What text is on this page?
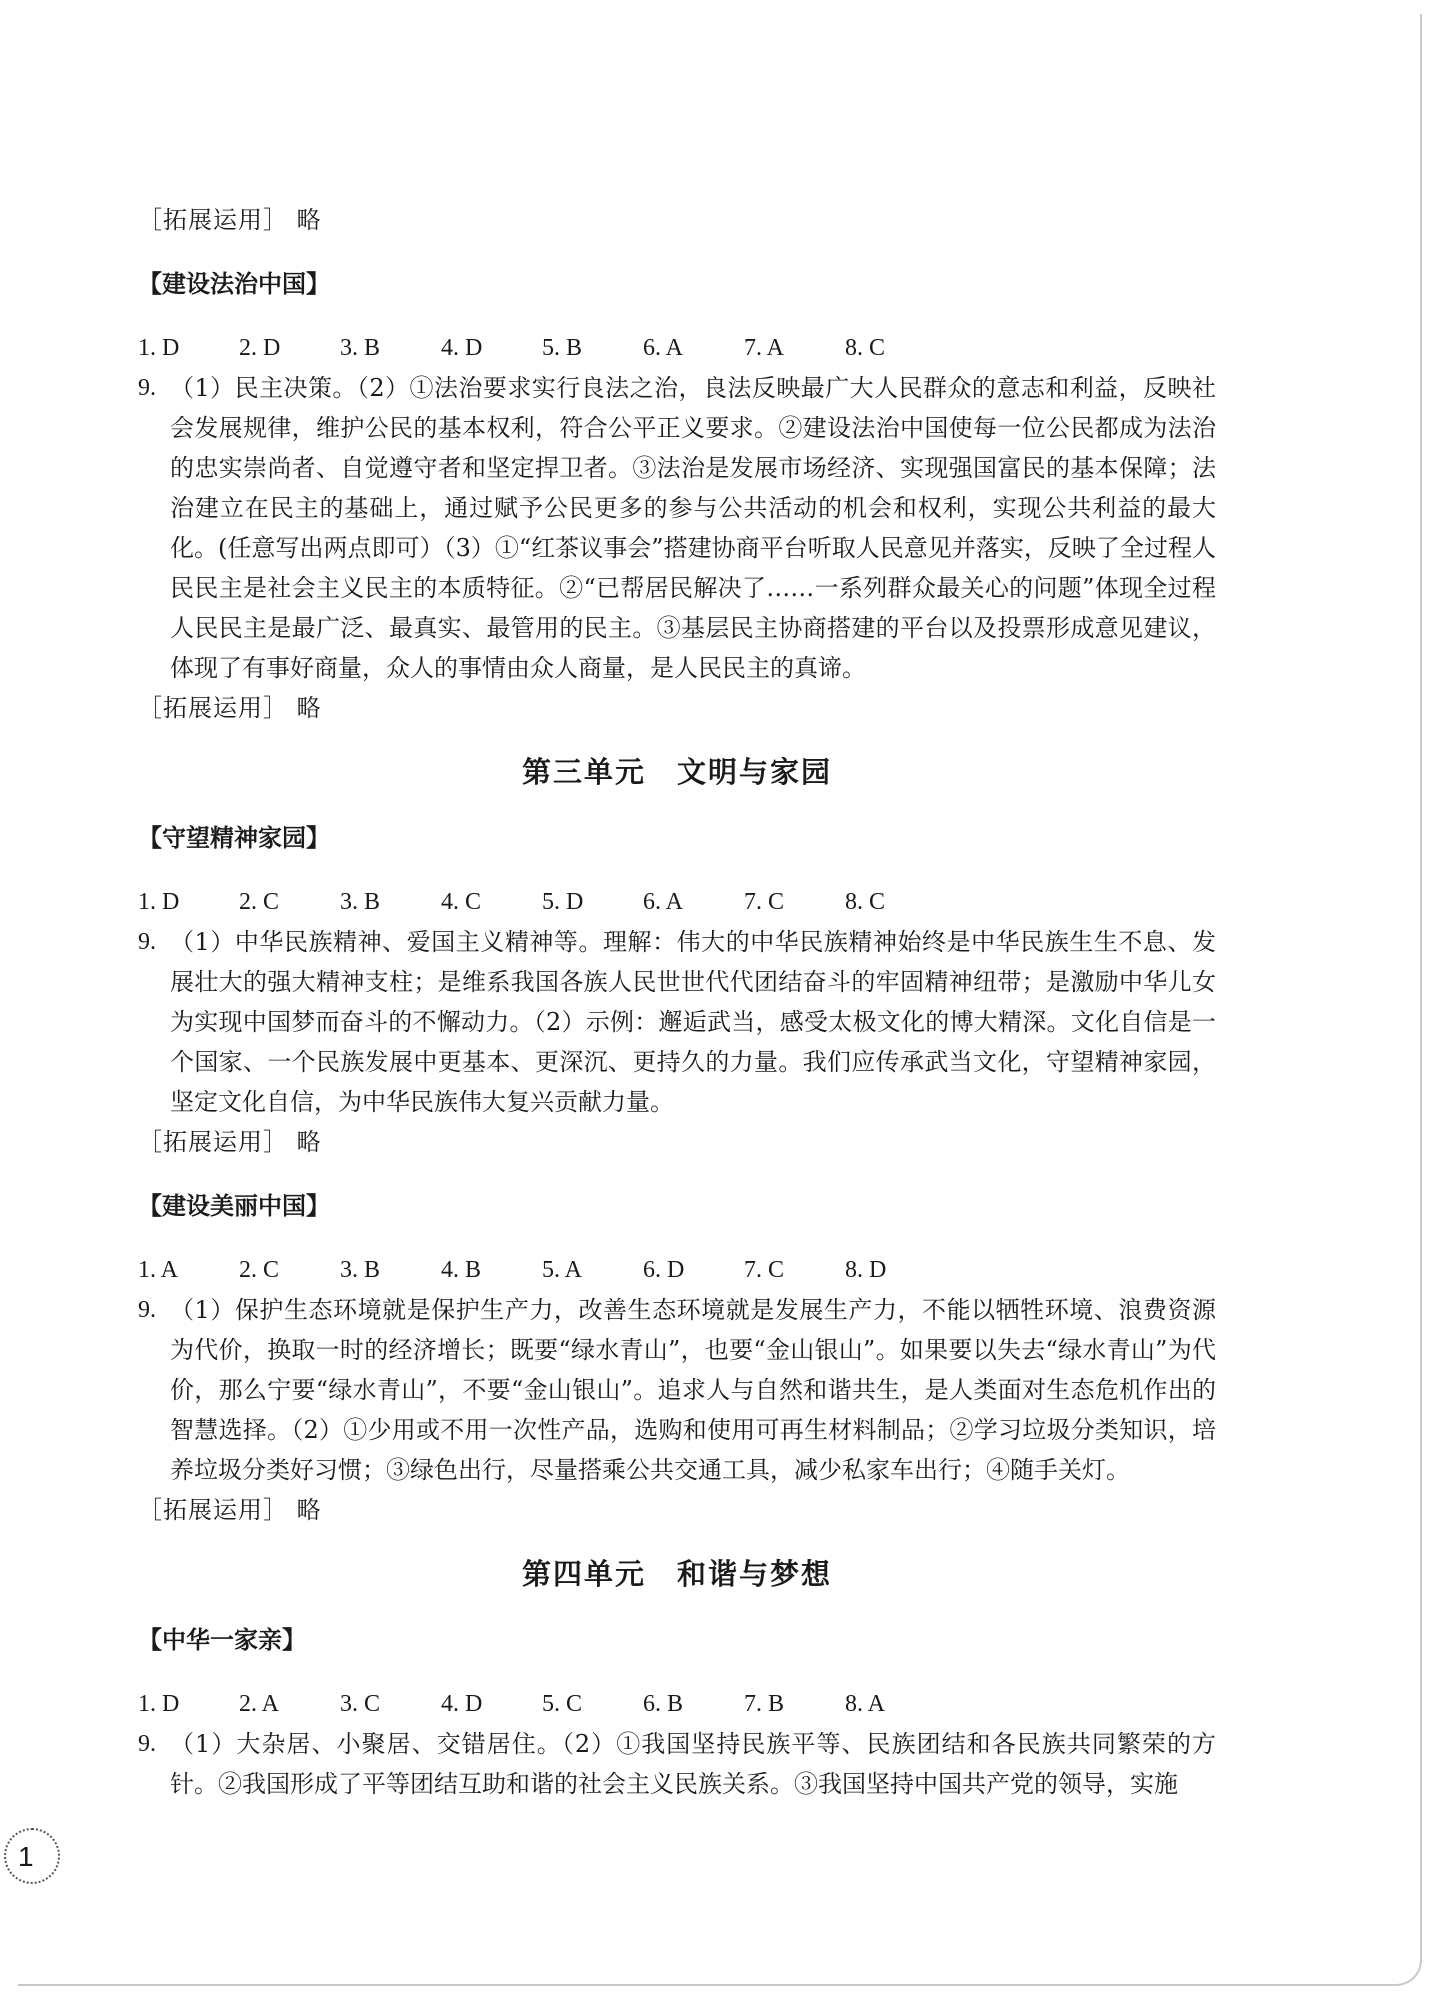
［拓展运用］ 略

【建设法治中国】

1. D	2. D	3. B	4. D	5. B	6. A	7. A	8. C
9. （1）民主决策。（2）①法治要求实行良法之治，良法反映最广大人民群众的意志和利益，反映社会发展规律，维护公民的基本权利，符合公平正义要求。②建设法治中国使每一位公民都成为法治的忠实崇尚者、自觉遵守者和坚定捍卫者。③法治是发展市场经济、实现强国富民的基本保障；法治建立在民主的基础上，通过赋予公民更多的参与公共活动的机会和权利，实现公共利益的最大化。(任意写出两点即可）（3）①“红茶议事会”搭建协商平台听取人民意见并落实，反映了全过程人民民主是社会主义民主的本质特征。②“已帮居民解决了……一系列群众最关心的问题”体现全过程人民民主是最广泛、最真实、最管用的民主。③基层民主协商搭建的平台以及投票形成意见建议，体现了有事好商量，众人的事情由众人商量，是人民民主的真谛。

［拓展运用］ 略

第三单元　文明与家园

【守望精神家园】

1. D	2. C	3. B	4. C	5. D	6. A	7. C	8. C
9. （1）中华民族精神、爱国主义精神等。理解：伟大的中华民族精神始终是中华民族生生不息、发展壮大的强大精神支柱；是维系我国各族人民世世代代团结奋斗的牢固精神纽带；是激励中华儿女为实现中国梦而奋斗的不懈动力。（2）示例：邂逅武当，感受太极文化的博大精深。文化自信是一个国家、一个民族发展中更基本、更深沉、更持久的力量。我们应传承武当文化，守望精神家园，坚定文化自信，为中华民族伟大复兴贡献力量。

［拓展运用］ 略

【建设美丽中国】

1. A	2. C	3. B	4. B	5. A	6. D	7. C	8. D
9. （1）保护生态环境就是保护生产力，改善生态环境就是发展生产力，不能以牺牲环境、浪费资源为代价，换取一时的经济增长；既要“绿水青山”，也要“金山银山”。如果要以失去“绿水青山”为代价，那么宁要“绿水青山”，不要“金山银山”。追求人与自然和谐共生，是人类面对生态危机作出的智慧选择。（2）①少用或不用一次性产品，选购和使用可再生材料制品；②学习垃圾分类知识，培养垃圾分类好习惯；③绿色出行，尽量搭乘公共交通工具，减少私家车出行；④随手关灯。

［拓展运用］ 略

第四单元　和谐与梦想

【中华一家亲】

1. D	2. A	3. C	4. D	5. C	6. B	7. B	8. A
9. （1）大杂居、小聚居、交错居住。（2）①我国坚持民族平等、民族团结和各民族共同繁荣的方针。②我国形成了平等团结互助和谐的社会主义民族关系。③我国坚持中国共产党的领导，实施
1
